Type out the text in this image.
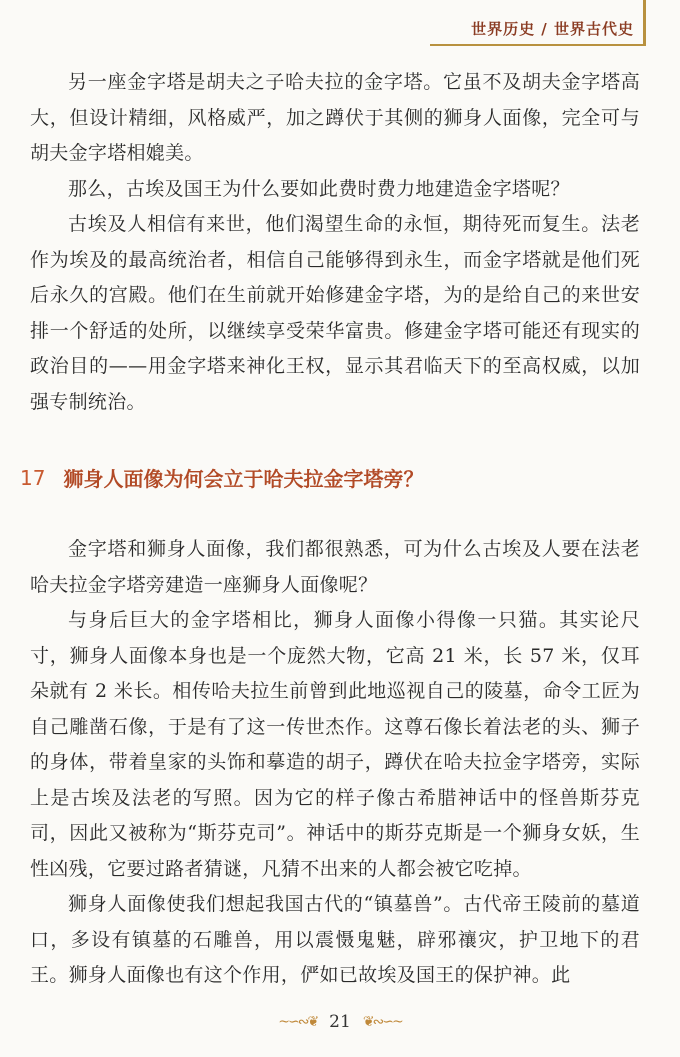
世界历史 / 世界古代史

另一座金字塔是胡夫之子哈夫拉的金字塔。它虽不及胡夫金字塔高大，但设计精细，风格威严，加之蹲伏于其侧的狮身人面像，完全可与胡夫金字塔相媲美。

那么，古埃及国王为什么要如此费时费力地建造金字塔呢？

古埃及人相信有来世，他们渴望生命的永恒，期待死而复生。法老作为埃及的最高统治者，相信自己能够得到永生，而金字塔就是他们死后永久的宫殿。他们在生前就开始修建金字塔，为的是给自己的来世安排一个舒适的处所，以继续享受荣华富贵。修建金字塔可能还有现实的政治目的——用金字塔来神化王权，显示其君临天下的至高权威，以加强专制统治。

17 狮身人面像为何会立于哈夫拉金字塔旁？

金字塔和狮身人面像，我们都很熟悉，可为什么古埃及人要在法老哈夫拉金字塔旁建造一座狮身人面像呢？

与身后巨大的金字塔相比，狮身人面像小得像一只猫。其实论尺寸，狮身人面像本身也是一个庞然大物，它高 21 米，长 57 米，仅耳朵就有 2 米长。相传哈夫拉生前曾到此地巡视自己的陵墓，命令工匠为自己雕凿石像，于是有了这一传世杰作。这尊石像长着法老的头、狮子的身体，带着皇家的头饰和摹造的胡子，蹲伏在哈夫拉金字塔旁，实际上是古埃及法老的写照。因为它的样子像古希腊神话中的怪兽斯芬克司，因此又被称为“斯芬克司”。神话中的斯芬克斯是一个狮身女妖，生性凶残，它要过路者猜谜，凡猜不出来的人都会被它吃掉。

狮身人面像使我们想起我国古代的“镇墓兽”。古代帝王陵前的墓道口，多设有镇墓的石雕兽，用以震慑鬼魅，辟邪禳灾，护卫地下的君王。狮身人面像也有这个作用，俨如已故埃及国王的保护神。此

~∽∾❦ 21 ❦∾∽~
